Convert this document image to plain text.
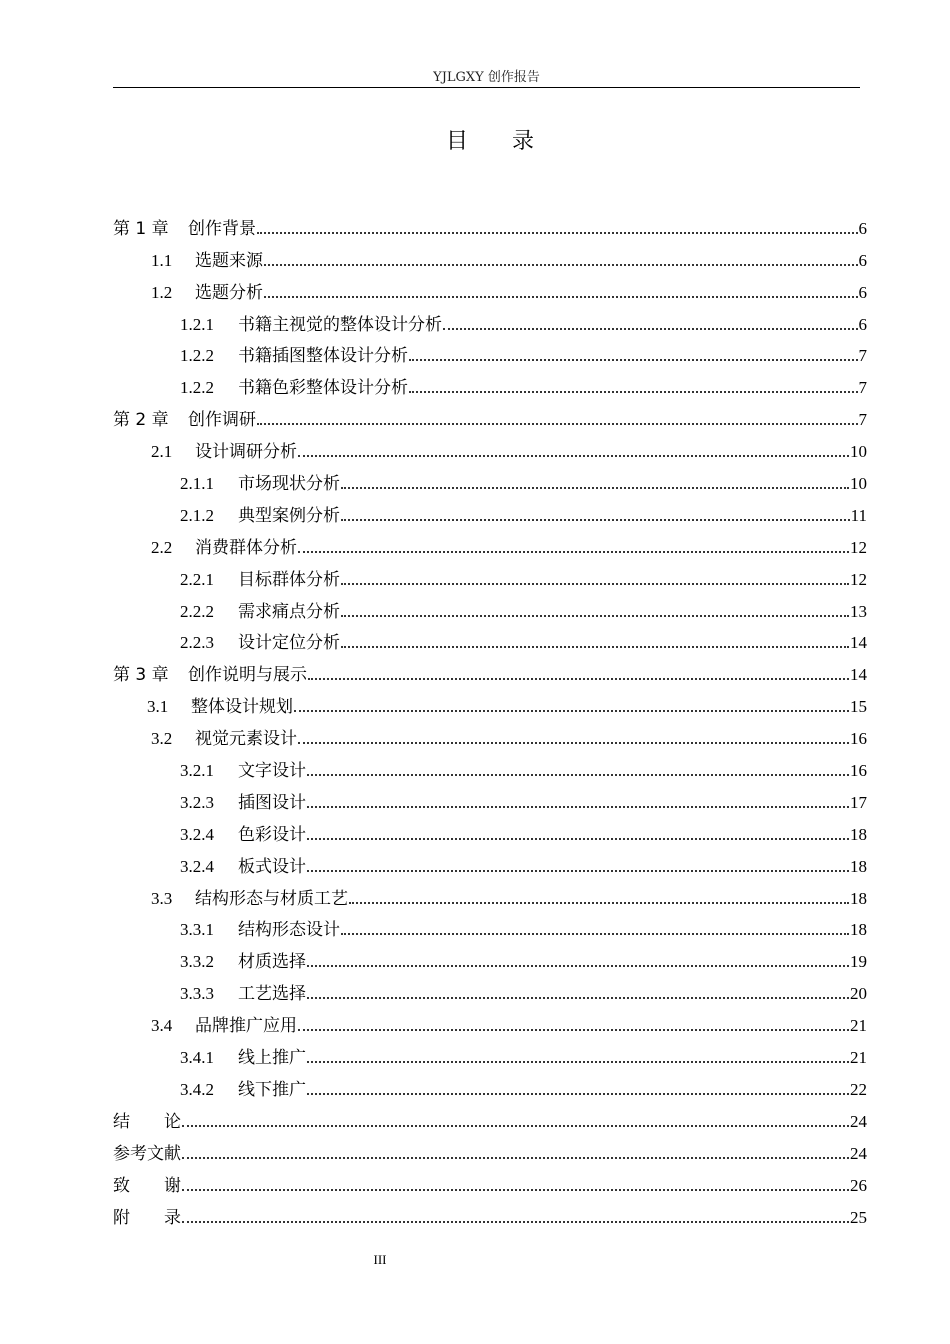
YJLGXY 创作报告
目录
第 1 章	创作背景	6
1.1	选题来源	6
1.2	选题分析	6
1.2.1	书籍主视觉的整体设计分析	6
1.2.2	书籍插图整体设计分析	7
1.2.2	书籍色彩整体设计分析	7
第 2 章	创作调研	7
2.1	设计调研分析	10
2.1.1	市场现状分析	10
2.1.2	典型案例分析	11
2.2	消费群体分析	12
2.2.1	目标群体分析	12
2.2.2	需求痛点分析	13
2.2.3	设计定位分析	14
第 3 章	创作说明与展示	14
3.1	整体设计规划	15
3.2	视觉元素设计	16
3.2.1	文字设计	16
3.2.3	插图设计	17
3.2.4	色彩设计	18
3.2.4	板式设计	18
3.3	结构形态与材质工艺	18
3.3.1	结构形态设计	18
3.3.2	材质选择	19
3.3.3	工艺选择	20
3.4	品牌推广应用	21
3.4.1	线上推广	21
3.4.2	线下推广	22
结　　论	24
参考文献	24
致　　谢	26
附　　录	25
III
